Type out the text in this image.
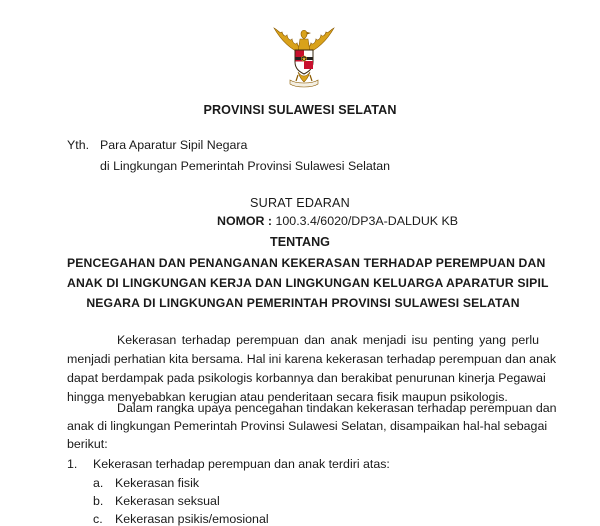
PROVINSI SULAWESI SELATAN
Yth. Para Aparatur Sipil Negara
di Lingkungan Pemerintah Provinsi Sulawesi Selatan
SURAT EDARAN
NOMOR : 100.3.4/6020/DP3A-DALDUK KB
TENTANG
PENCEGAHAN DAN PENANGANAN KEKERASAN TERHADAP PEREMPUAN DAN
ANAK DI LINGKUNGAN KERJA DAN LINGKUNGAN KELUARGA APARATUR SIPIL
NEGARA DI LINGKUNGAN PEMERINTAH PROVINSI SULAWESI SELATAN
Kekerasan terhadap perempuan dan anak menjadi isu penting yang perlu
menjadi perhatian kita bersama. Hal ini karena kekerasan terhadap perempuan dan anak
dapat berdampak pada psikologis korbannya dan berakibat penurunan kinerja Pegawai
hingga menyebabkan kerugian atau penderitaan secara fisik maupun psikologis.
Dalam rangka upaya pencegahan tindakan kekerasan terhadap perempuan dan
anak di lingkungan Pemerintah Provinsi Sulawesi Selatan, disampaikan hal-hal sebagai
berikut:
1. Kekerasan terhadap perempuan dan anak terdiri atas:
a. Kekerasan fisik
b. Kekerasan seksual
c. Kekerasan psikis/emosional
